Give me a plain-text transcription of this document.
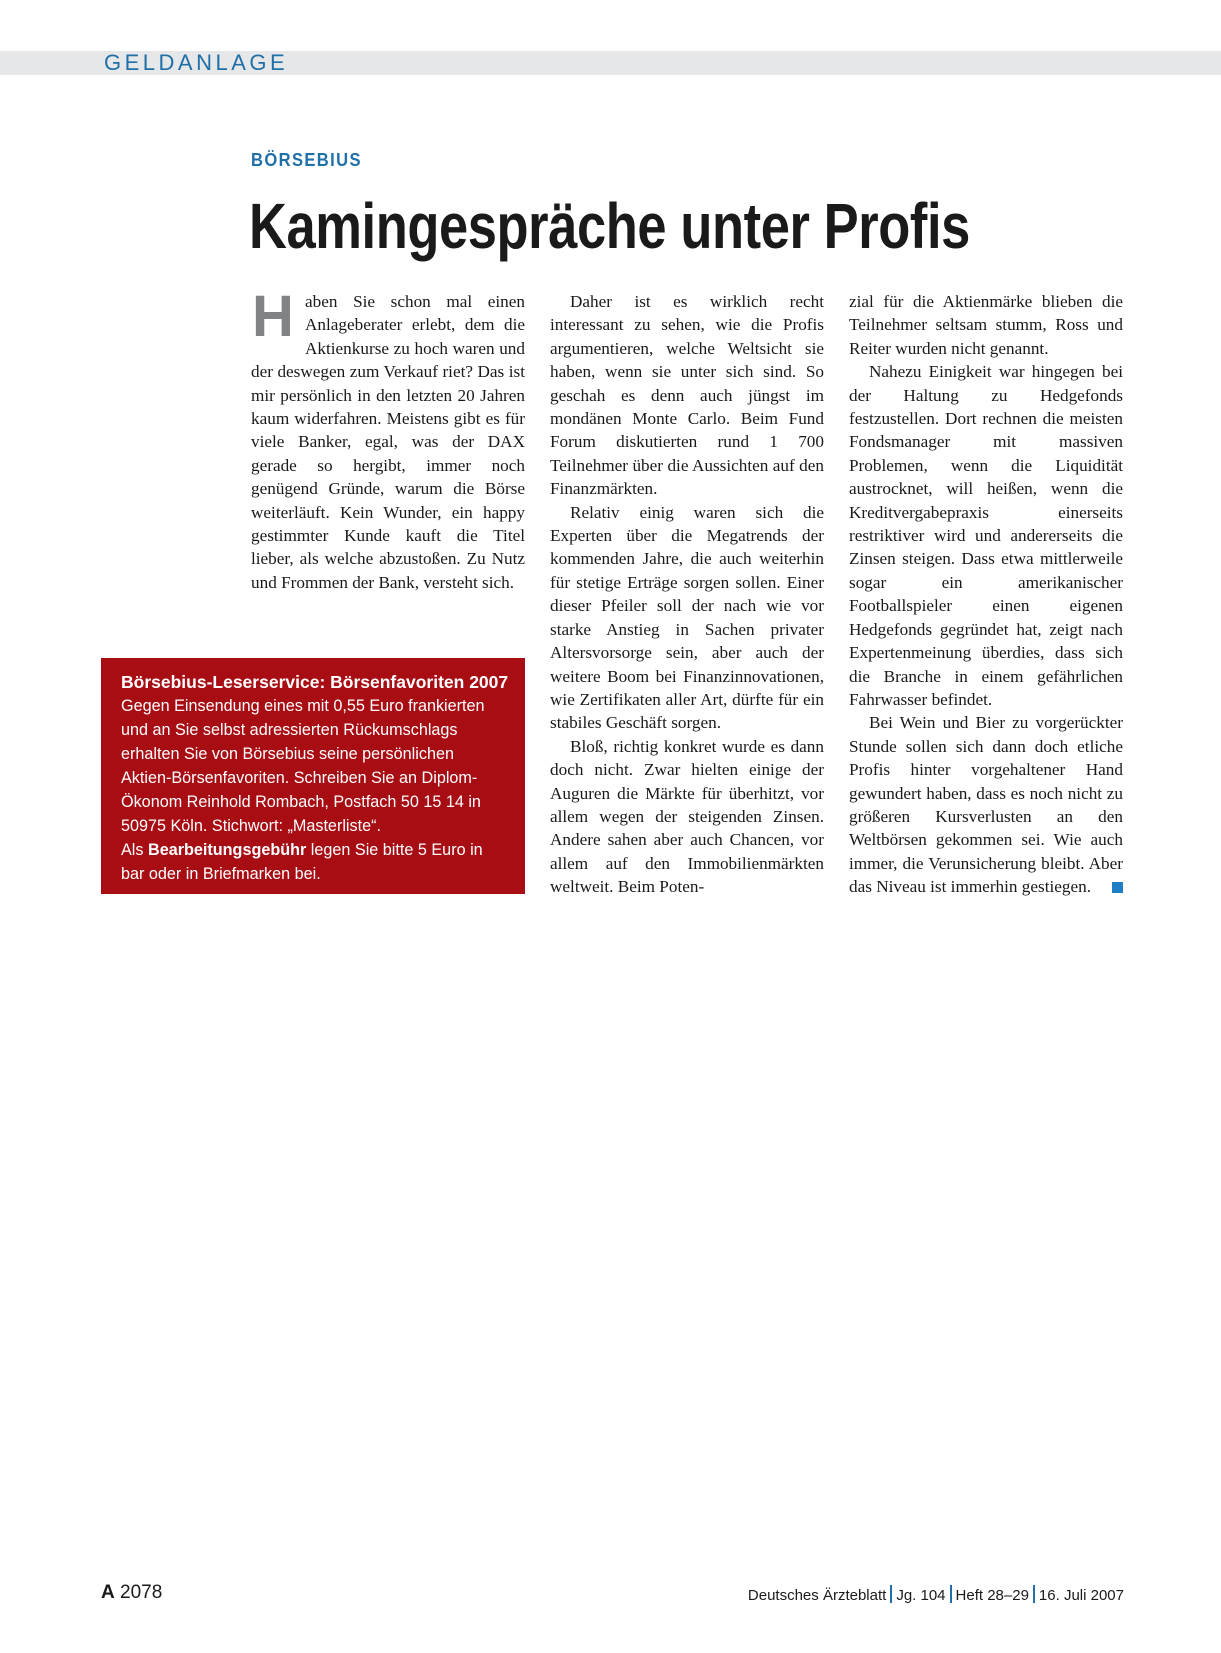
GELDANLAGE
BÖRSEBIUS
Kamingespräche unter Profis

Haben Sie schon mal einen Anlageberater erlebt, dem die Aktienkurse zu hoch waren und der deswegen zum Verkauf riet? Das ist mir persönlich in den letzten 20 Jahren kaum widerfahren. Meistens gibt es für viele Banker, egal, was der DAX gerade so hergibt, immer noch genügend Gründe, warum die Börse weiterläuft. Kein Wunder, ein happy gestimmter Kunde kauft die Titel lieber, als welche abzustoßen. Zu Nutz und Frommen der Bank, versteht sich.

Daher ist es wirklich recht interessant zu sehen, wie die Profis argumentieren, welche Weltsicht sie haben, wenn sie unter sich sind. So geschah es denn auch jüngst im mondänen Monte Carlo. Beim Fund Forum diskutierten rund 1 700 Teilnehmer über die Aussichten auf den Finanzmärkten.

Relativ einig waren sich die Experten über die Megatrends der kommenden Jahre, die auch weiterhin für stetige Erträge sorgen sollen. Einer dieser Pfeiler soll der nach wie vor starke Anstieg in Sachen privater Altersvorsorge sein, aber auch der weitere Boom bei Finanzinnovationen, wie Zertifikaten aller Art, dürfte für ein stabiles Geschäft sorgen.

Bloß, richtig konkret wurde es dann doch nicht. Zwar hielten einige der Auguren die Märkte für überhitzt, vor allem wegen der steigenden Zinsen. Andere sahen aber auch Chancen, vor allem auf den Immobilienmärkten weltweit. Beim Poten-

zial für die Aktienmärke blieben die Teilnehmer seltsam stumm, Ross und Reiter wurden nicht genannt.

Nahezu Einigkeit war hingegen bei der Haltung zu Hedgefonds festzustellen. Dort rechnen die meisten Fondsmanager mit massiven Problemen, wenn die Liquidität austrocknet, will heißen, wenn die Kreditvergabepraxis einerseits restriktiver wird und andererseits die Zinsen steigen. Dass etwa mittlerweile sogar ein amerikanischer Footballspieler einen eigenen Hedgefonds gegründet hat, zeigt nach Expertenmeinung überdies, dass sich die Branche in einem gefährlichen Fahrwasser befindet.

Bei Wein und Bier zu vorgerückter Stunde sollen sich dann doch etliche Profis hinter vorgehaltener Hand gewundert haben, dass es noch nicht zu größeren Kursverlusten an den Weltbörsen gekommen sei. Wie auch immer, die Verunsicherung bleibt. Aber das Niveau ist immerhin gestiegen.

Börsebius-Leserservice: Börsenfavoriten 2007
Gegen Einsendung eines mit 0,55 Euro frankierten und an Sie selbst adressierten Rückumschlags erhalten Sie von Börsebius seine persönlichen Aktien-Börsenfavoriten. Schreiben Sie an Diplom-Ökonom Reinhold Rombach, Postfach 50 15 14 in 50975 Köln. Stichwort: „Masterliste“.
Als Bearbeitungsgebühr legen Sie bitte 5 Euro in bar oder in Briefmarken bei.
A 2078	Deutsches Ärzteblatt Jg. 104 Heft 28–29 16. Juli 2007
